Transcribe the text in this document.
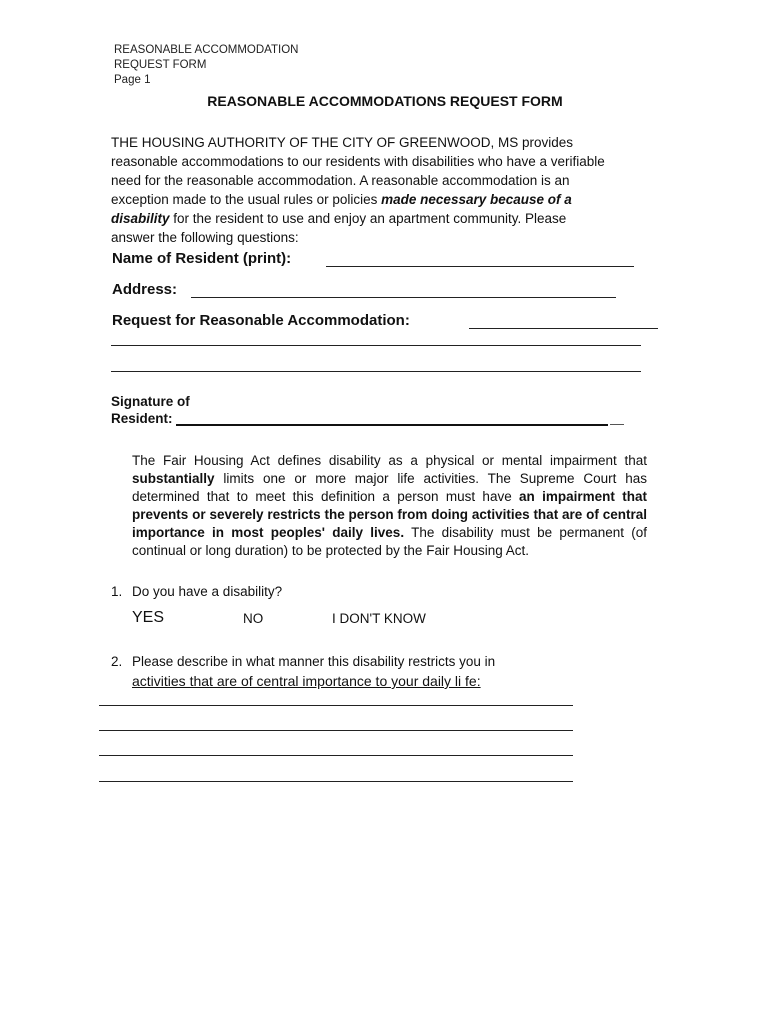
REASONABLE ACCOMMODATION
REQUEST FORM
Page 1
REASONABLE ACCOMMODATIONS REQUEST FORM
THE HOUSING AUTHORITY OF THE CITY OF GREENWOOD, MS provides reasonable accommodations to our residents with disabilities who have a verifiable need for the reasonable accommodation. A reasonable accommodation is an exception made to the usual rules or policies made necessary because of a disability for the resident to use and enjoy an apartment community. Please answer the following questions:
Name of Resident (print):
Address:
Request for Reasonable Accommodation:
Signature of
Resident:
The Fair Housing Act defines disability as a physical or mental impairment that substantially limits one or more major life activities. The Supreme Court has determined that to meet this definition a person must have an impairment that prevents or severely restricts the person from doing activities that are of central importance in most peoples' daily lives. The disability must be permanent (of continual or long duration) to be protected by the Fair Housing Act.
1. Do you have a disability?
YES	NO	I DON'T KNOW
2. Please describe in what manner this disability restricts you in
activities that are of central importance to your daily li fe:
